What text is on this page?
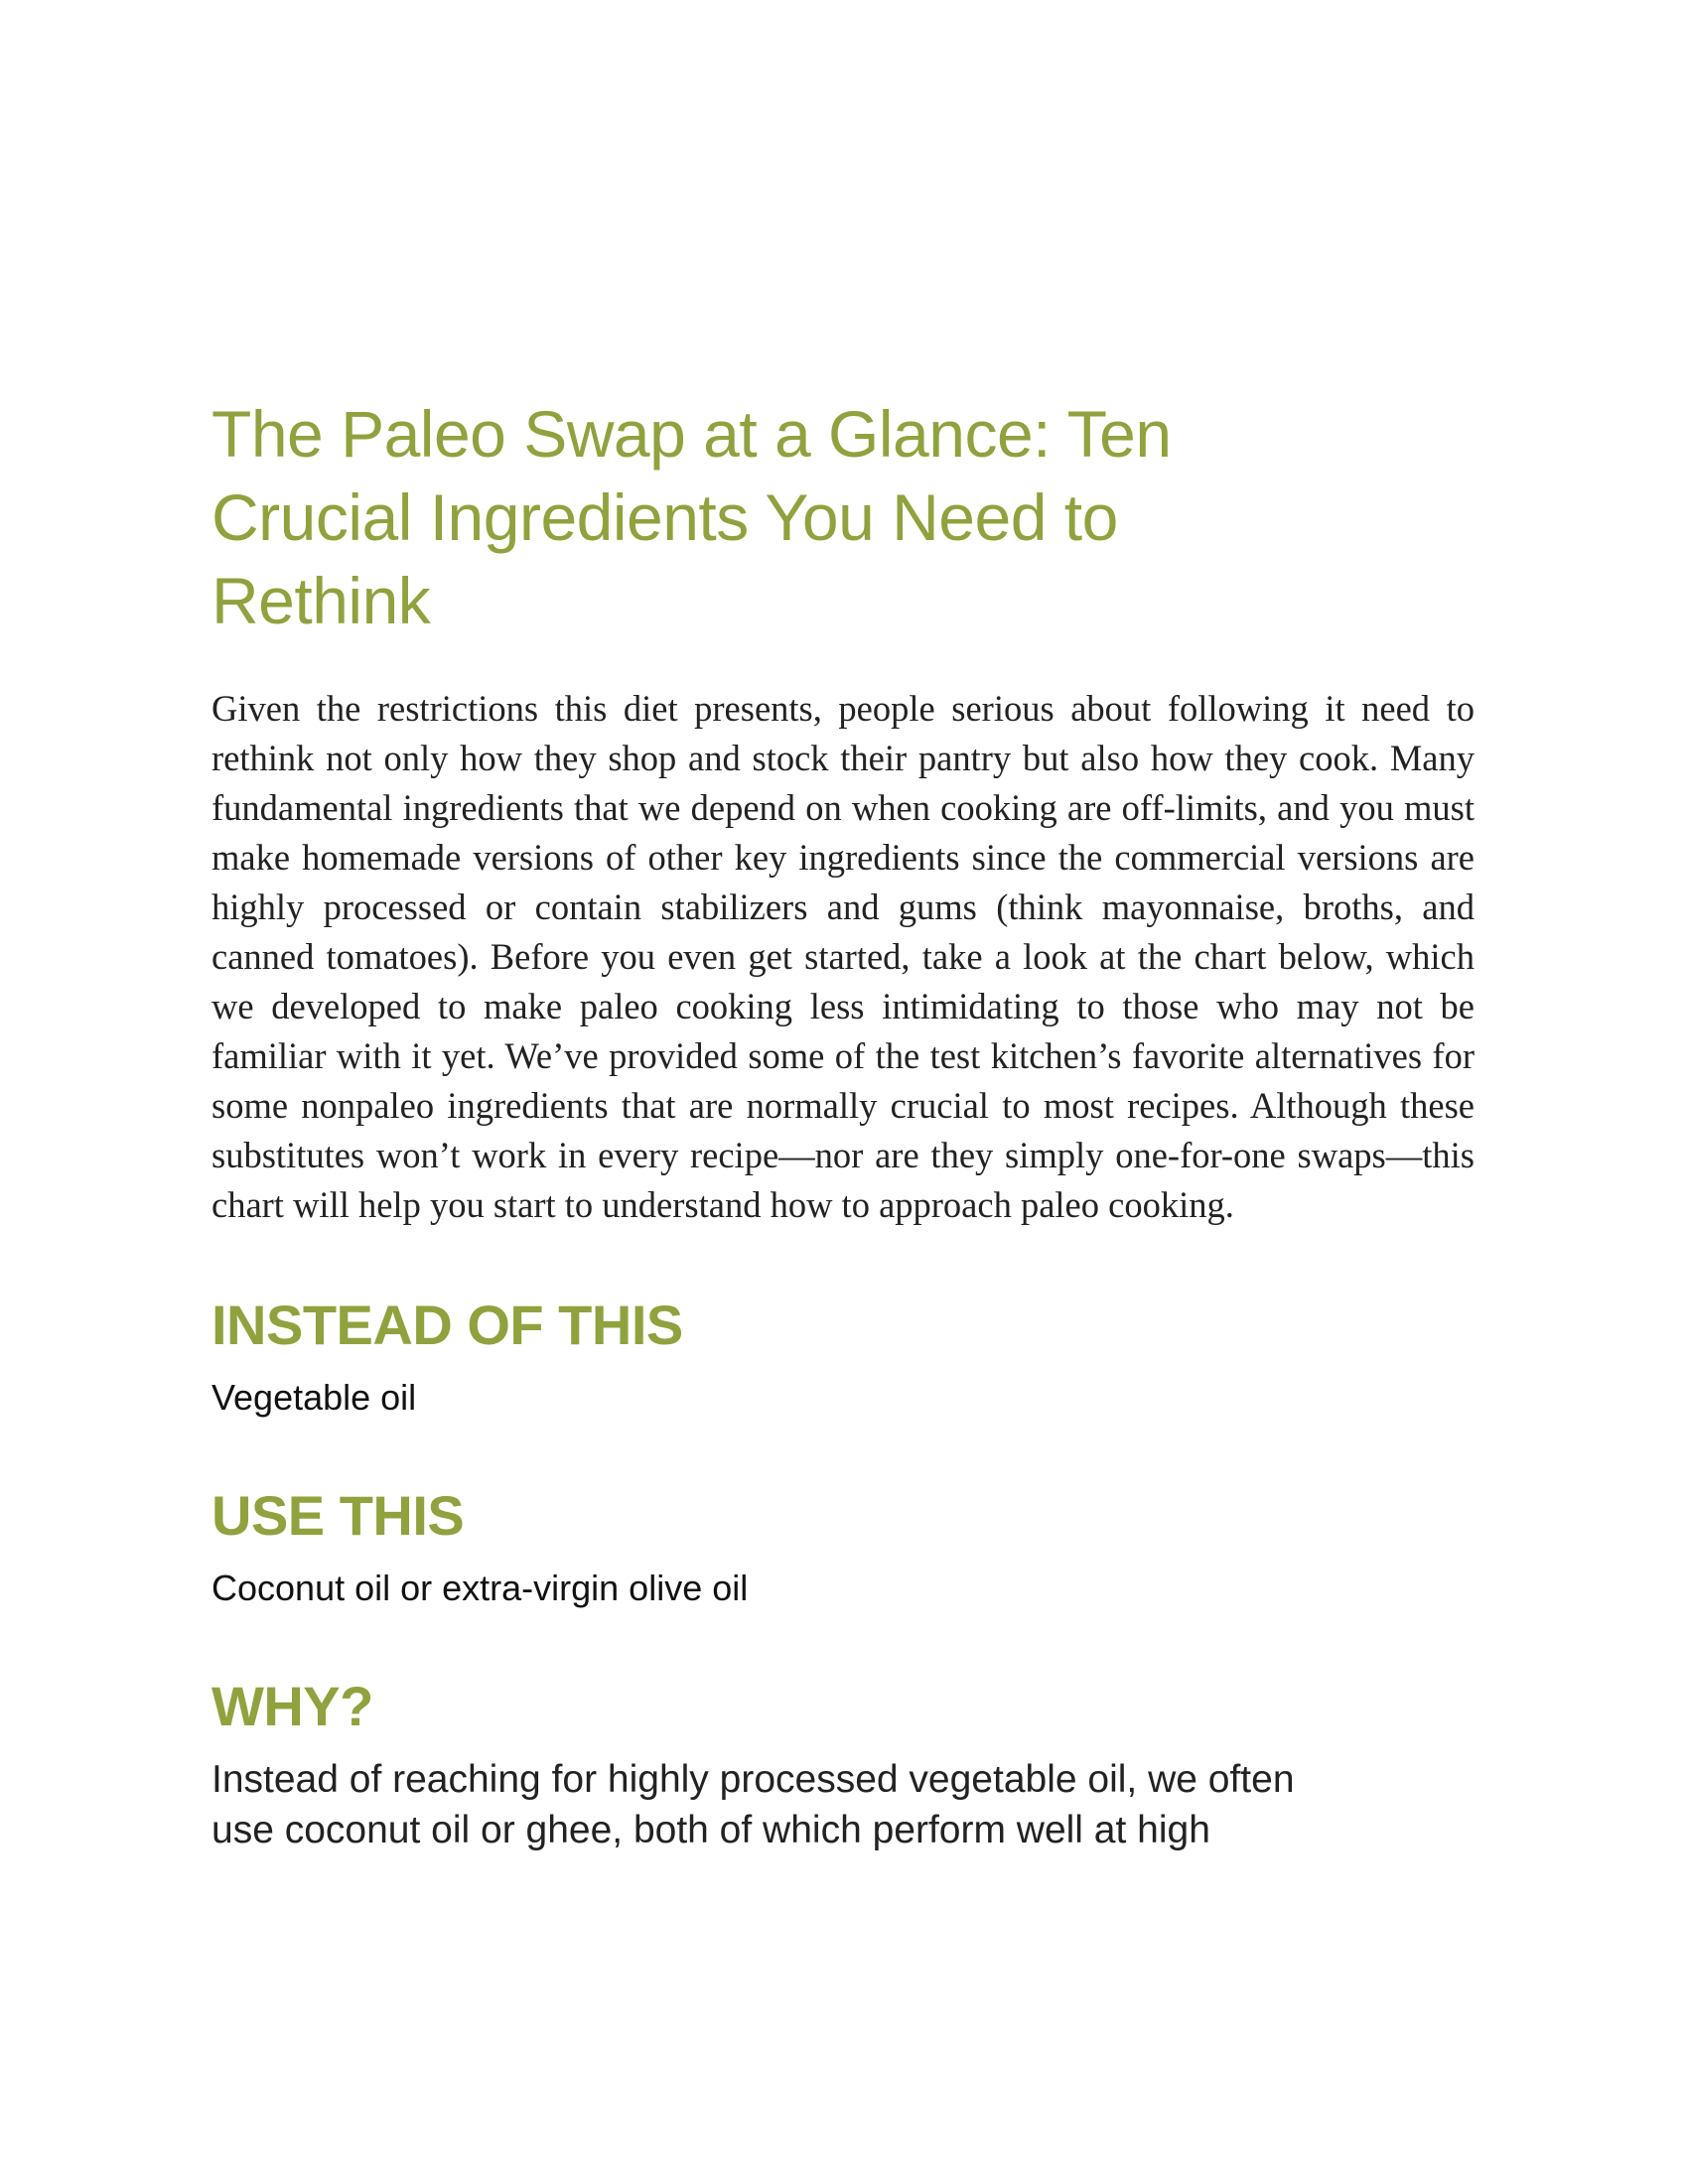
The Paleo Swap at a Glance: Ten
Crucial Ingredients You Need to
Rethink

Given the restrictions this diet presents, people serious about following it need to rethink not only how they shop and stock their pantry but also how they cook. Many fundamental ingredients that we depend on when cooking are off-limits, and you must make homemade versions of other key ingredients since the commercial versions are highly processed or contain stabilizers and gums (think mayonnaise, broths, and canned tomatoes). Before you even get started, take a look at the chart below, which we developed to make paleo cooking less intimidating to those who may not be familiar with it yet. We’ve provided some of the test kitchen’s favorite alternatives for some nonpaleo ingredients that are normally crucial to most recipes. Although these substitutes won’t work in every recipe—nor are they simply one-for-one swaps—this chart will help you start to understand how to approach paleo cooking.

INSTEAD OF THIS

Vegetable oil

USE THIS

Coconut oil or extra-virgin olive oil

WHY?

Instead of reaching for highly processed vegetable oil, we often
use coconut oil or ghee, both of which perform well at high
